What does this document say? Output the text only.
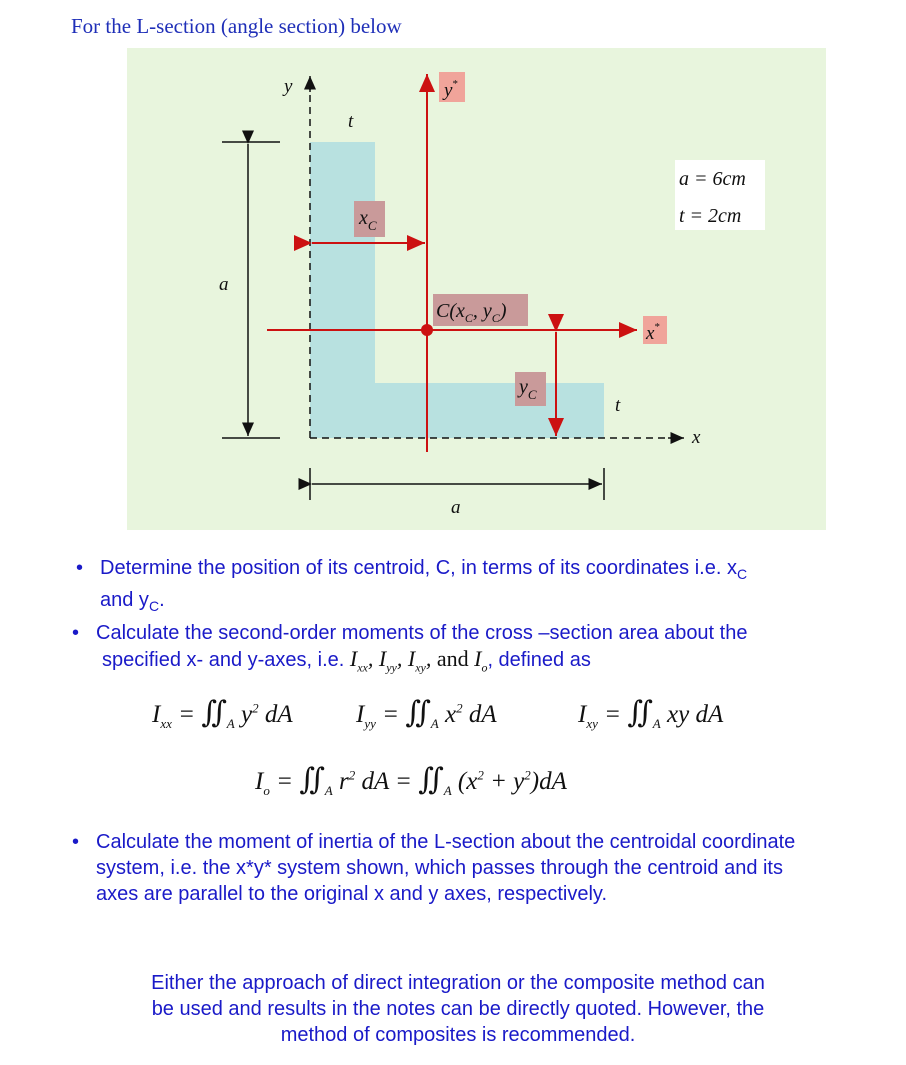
For the L-section (angle section) below
y
x
a
a
t
t
y*
x*
$x_C$
$y_C$
$C(x_C$, $y_C$)
a = 6cm
t = 2cm
• Determine the position of its centroid, C, in terms of its coordinates i.e. $x_C$
and $y_C$.
• Calculate the second-order moments of the cross –section area about the
specified x- and y-axes, i.e. $I_{xx}$, $I_{yy}$, $I_{xy}$, and $I_o$, defined as
$I_{xx}$ = $∬_A$ $y^2$ dA	$I_{yy}$ = $∬_A$ $x^2$ dA	$I_{xy}$ = $∬_A$ xy dA
$I_o$ = $∬_A$ $r^2$ dA = $∬_A$ $(x^2 + y^2)dA$
• Calculate the moment of inertia of the L-section about the centroidal coordinate
system, i.e. the x*y* system shown, which passes through the centroid and its
axes are parallel to the original x and y axes, respectively.
Either the approach of direct integration or the composite method can
be used and results in the notes can be directly quoted. However, the
method of composites is recommended.
